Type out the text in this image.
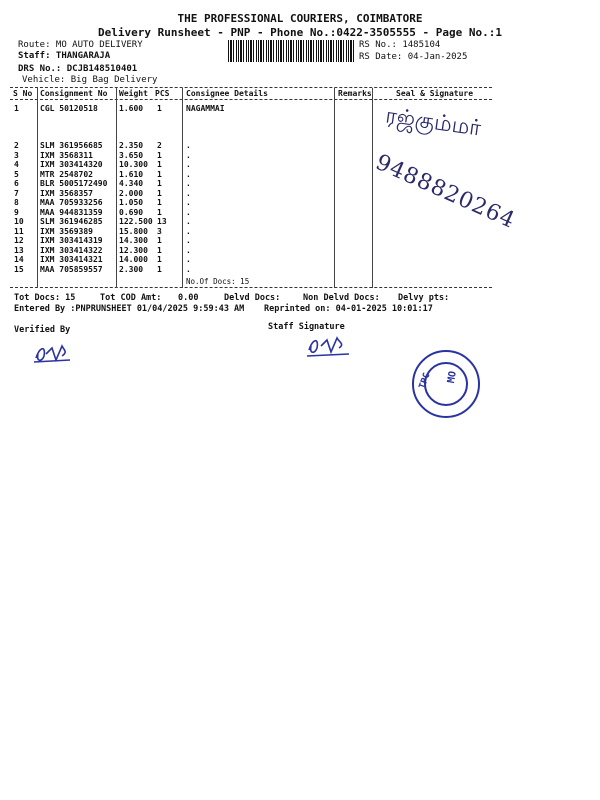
THE PROFESSIONAL COURIERS, COIMBATORE
Delivery Runsheet - PNP - Phone No.:0422-3505555 - Page No.:1
Route: MO AUTO DELIVERY
Staff: THANGARAJA
DRS No.: DCJB148510401
Vehicle: Big Bag Delivery
RS No.: 1485104
RS Date: 04-Jan-2025
S No Consignment No Weight PCS Consignee Details	Remarks	Seal & Signature
1	CGL 50120518	1.600 1	NAGAMMAI
2	SLM 361956685 2.350 2	.
3	IXM 3568311	3.650 1	.
4	IXM 303414320 10.300 1	.
5	MTR 2548702	1.610 1	.
6	BLR 5005172490 4.340 1	.
7	IXM 3568357	2.000 1	.
8	MAA 705933256 1.050 1	.
9	MAA 944831359 0.690 1	.
10 SLM 361946285 122.500 13 .
11 IXM 3569389	15.800 3	.
12 IXM 303414319 14.300 1	.
13 IXM 303414322 12.300 1	.
14 IXM 303414321 14.000 1	.
15 MAA 705859557 2.300 1	.
No.Of Docs: 15
ரஜ்கும்மர்
9488820264
Tot Docs: 15	Tot COD Amt: 0.00	Delvd Docs:	Non Delvd Docs: Delvy pts:
Entered By :PNPRUNSHEET 01/04/2025 9:59:43 AM Reprinted on: 04-01-2025 10:01:17
Verified By	Staff Signature
TPC	MO
